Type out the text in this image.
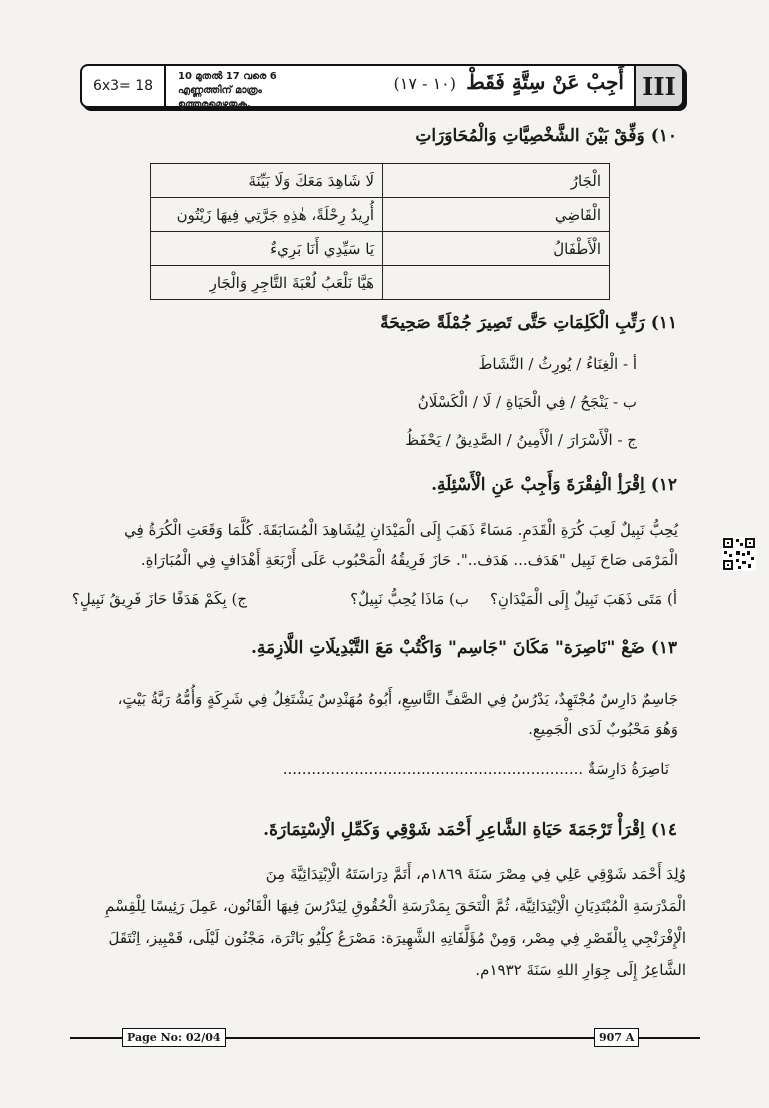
III
أَجِبْ عَنْ سِتَّةٍ فَقَطْ
(١٠ - ١٧)
10 മുതൽ 17 വരെ 6 എണ്ണത്തിന് മാത്രം ഉത്തരമെഴുതുക.
6x3= 18
١٠) وَفِّقْ بَيْنَ الشَّخْصِيَّاتِ وَالْمُحَاوَرَاتِ
الْجَارُ	لَا شَاهِدَ مَعَكَ وَلَا بَيِّنَةَ
الْقَاضِي	أُرِيدُ رِحْلَةً، هٰذِهِ جَرَّتِي فِيهَا زَيْتُون
الْأَطْفَالُ	يَا سَيِّدِي أَنَا بَرِيءٌ
	هَيَّا نَلْعَبُ لُعْبَةَ التَّاجِرِ وَالْجَارِ
١١) رَتِّبِ الْكَلِمَاتِ حَتَّى تَصِيرَ جُمْلَةً صَحِيحَةً
أ - الْغِنَاءُ / يُورِثُ / النَّشَاطَ
ب - يَنْجَحُ / فِي الْحَيَاةِ / لَا / الْكَسْلَانُ
ج - الْأَسْرَارَ / الْأَمِينُ / الصَّدِيقُ / يَحْفَظُ
١٢) اِقْرَأِ الْفِقْرَةَ وَأَجِبْ عَنِ الْأَسْئِلَةِ.
يُحِبُّ نَبِيلٌ لَعِبَ كُرَةِ الْقَدَمِ. مَسَاءً ذَهَبَ إِلَى الْمَيْدَانِ لِيُشَاهِدَ الْمُسَابَقَةَ. كُلَّمَا وَقَعَتِ الْكُرَةُ فِي
الْمَرْمَى صَاحَ نَبِيل "هَدَف... هَدَف..". حَازَ فَرِيقُهُ الْمَحْبُوب عَلَى أَرْبَعَةِ أَهْدَافٍ فِي الْمُبَارَاةِ.
أ) مَتَى ذَهَبَ نَبِيلٌ إِلَى الْمَيْدَانِ؟
ب) مَاذَا يُحِبُّ نَبِيلٌ؟
ج) بِكَمْ هَدَفًا حَازَ فَرِيقُ نَبِيلٍ؟
١٣) ضَعْ "نَاصِرَة" مَكَانَ "جَاسِم" وَاكْتُبْ مَعَ التَّبْدِيلَاتِ اللَّازِمَةِ.
جَاسِمٌ دَارِسٌ مُجْتَهِدٌ، يَدْرُسُ فِي الصَّفِّ التَّاسِعِ، أَبُوهُ مُهَنْدِسٌ يَشْتَغِلُ فِي شَرِكَةٍ وَأُمُّهُ رَبَّةُ بَيْتٍ،
وَهُوَ مَحْبُوبٌ لَدَى الْجَمِيعِ.
نَاصِرَةُ دَارِسَةٌ ...............................................................
١٤) اِقْرَأْ تَرْجَمَةَ حَيَاةِ الشَّاعِرِ أَحْمَد شَوْقِي وَكَمِّلِ الْاِسْتِمَارَةَ.
وُلِدَ أَحْمَد شَوْقِي عَلِي فِي مِصْرَ سَنَةَ ١٨٦٩م، أَتَمَّ دِرَاسَتَهُ الْاِبْتِدَائِيَّةَ مِنَ
الْمَدْرَسَةِ الْمُبْتَدِيَانِ الْاِبْتِدَائِيَّة، ثُمَّ الْتَحَقَ بِمَدْرَسَةِ الْحُقُوقِ لِيَدْرُسَ فِيهَا الْقَانُون، عَمِلَ رَئِيسًا لِلْقِسْمِ
الْإِفْرَنْجِي بِالْقَصْرِ فِي مِصْر، وَمِنْ مُؤَلَّفَاتِهِ الشَّهِيرَة: مَصْرَعُ كِلْيُو بَاتْرَة، مَجْنُون لَيْلَى، قَمْبِيز، اِنْتَقَلَ
الشَّاعِرُ إِلَى جِوَارِ اللهِ سَنَةَ ١٩٣٢م.
Page No: 02/04	907 A
